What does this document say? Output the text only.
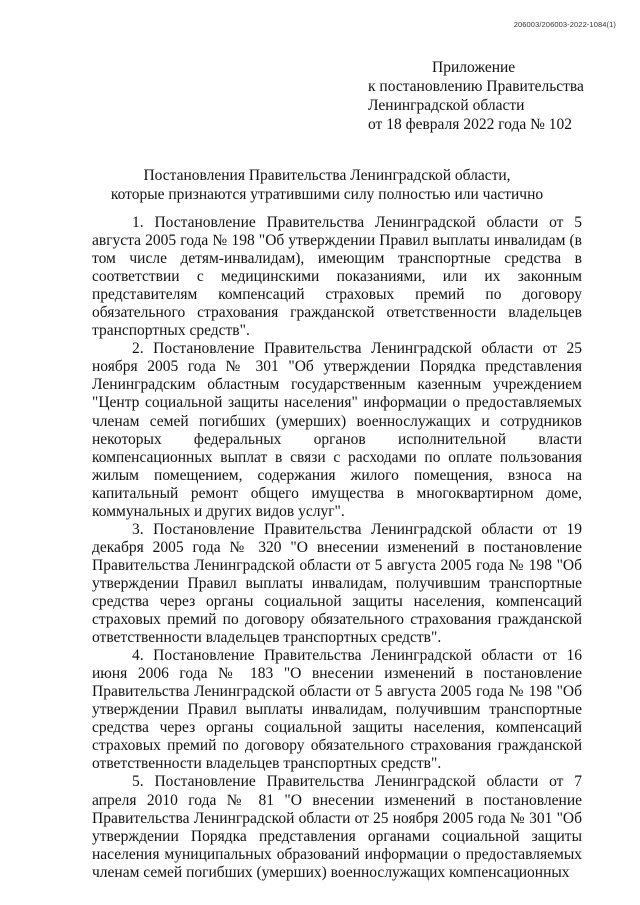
206003/206003-2022-1084(1)
Приложение
к постановлению Правительства
Ленинградской области
от 18 февраля 2022 года № 102
Постановления Правительства Ленинградской области,
которые признаются утратившими силу полностью или частично

1. Постановление Правительства Ленинградской области от 5 августа 2005 года № 198 "Об утверждении Правил выплаты инвалидам (в том числе детям-инвалидам), имеющим транспортные средства в соответствии с медицинскими показаниями, или их законным представителям компенсаций страховых премий по договору обязательного страхования гражданской ответственности владельцев транспортных средств".

2. Постановление Правительства Ленинградской области от 25 ноября 2005 года № 301 "Об утверждении Порядка представления Ленинградским областным государственным казенным учреждением "Центр социальной защиты населения" информации о предоставляемых членам семей погибших (умерших) военнослужащих и сотрудников некоторых федеральных органов исполнительной власти компенсационных выплат в связи с расходами по оплате пользования жилым помещением, содержания жилого помещения, взноса на капитальный ремонт общего имущества в многоквартирном доме, коммунальных и других видов услуг".

3. Постановление Правительства Ленинградской области от 19 декабря 2005 года № 320 "О внесении изменений в постановление Правительства Ленинградской области от 5 августа 2005 года № 198 "Об утверждении Правил выплаты инвалидам, получившим транспортные средства через органы социальной защиты населения, компенсаций страховых премий по договору обязательного страхования гражданской ответственности владельцев транспортных средств".

4. Постановление Правительства Ленинградской области от 16 июня 2006 года № 183 "О внесении изменений в постановление Правительства Ленинградской области от 5 августа 2005 года № 198 "Об утверждении Правил выплаты инвалидам, получившим транспортные средства через органы социальной защиты населения, компенсаций страховых премий по договору обязательного страхования гражданской ответственности владельцев транспортных средств".

5. Постановление Правительства Ленинградской области от 7 апреля 2010 года № 81 "О внесении изменений в постановление Правительства Ленинградской области от 25 ноября 2005 года № 301 "Об утверждении Порядка представления органами социальной защиты населения муниципальных образований информации о предоставляемых членам семей погибших (умерших) военнослужащих компенсационных
